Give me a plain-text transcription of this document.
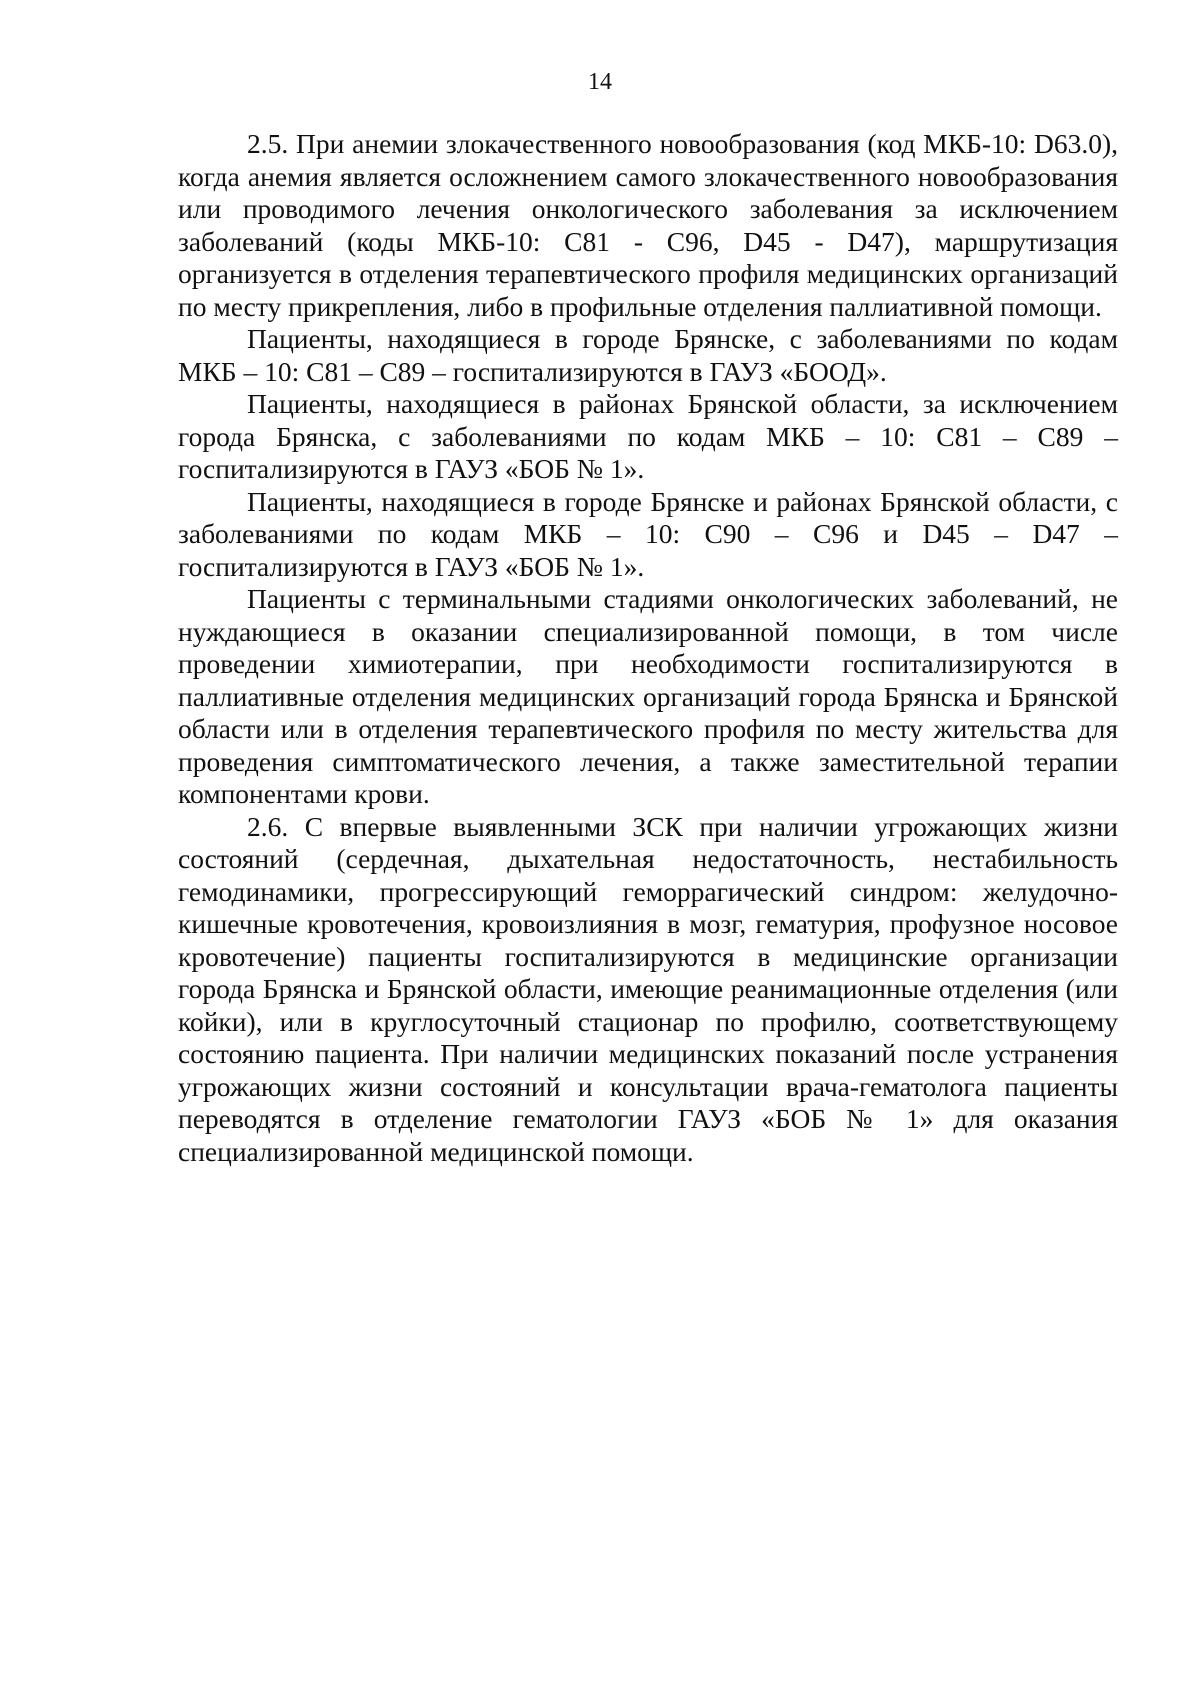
14

2.5. При анемии злокачественного новообразования (код МКБ-10: D63.0), когда анемия является осложнением самого злокачественного новообразования или проводимого лечения онкологического заболевания за исключением заболеваний (коды МКБ-10: С81 - С96, D45 - D47), маршрутизация организуется в отделения терапевтического профиля медицинских организаций по месту прикрепления, либо в профильные отделения паллиативной помощи.

Пациенты, находящиеся в городе Брянске, с заболеваниями по кодам МКБ – 10: С81 – С89 – госпитализируются в ГАУЗ «БООД».

Пациенты, находящиеся в районах Брянской области, за исключением города Брянска, с заболеваниями по кодам МКБ – 10: С81 – С89 – госпитализируются в ГАУЗ «БОБ № 1».

Пациенты, находящиеся в городе Брянске и районах Брянской области, с заболеваниями по кодам МКБ – 10: С90 – С96 и D45 – D47 – госпитализируются в ГАУЗ «БОБ № 1».

Пациенты с терминальными стадиями онкологических заболеваний, не нуждающиеся в оказании специализированной помощи, в том числе проведении химиотерапии, при необходимости госпитализируются в паллиативные отделения медицинских организаций города Брянска и Брянской области или в отделения терапевтического профиля по месту жительства для проведения симптоматического лечения, а также заместительной терапии компонентами крови.

2.6. С впервые выявленными ЗСК при наличии угрожающих жизни состояний (сердечная, дыхательная недостаточность, нестабильность гемодинамики, прогрессирующий геморрагический синдром: желудочно-кишечные кровотечения, кровоизлияния в мозг, гематурия, профузное носовое кровотечение) пациенты госпитализируются в медицинские организации города Брянска и Брянской области, имеющие реанимационные отделения (или койки), или в круглосуточный стационар по профилю, соответствующему состоянию пациента. При наличии медицинских показаний после устранения угрожающих жизни состояний и консультации врача-гематолога пациенты переводятся в отделение гематологии ГАУЗ «БОБ № 1» для оказания специализированной медицинской помощи.
